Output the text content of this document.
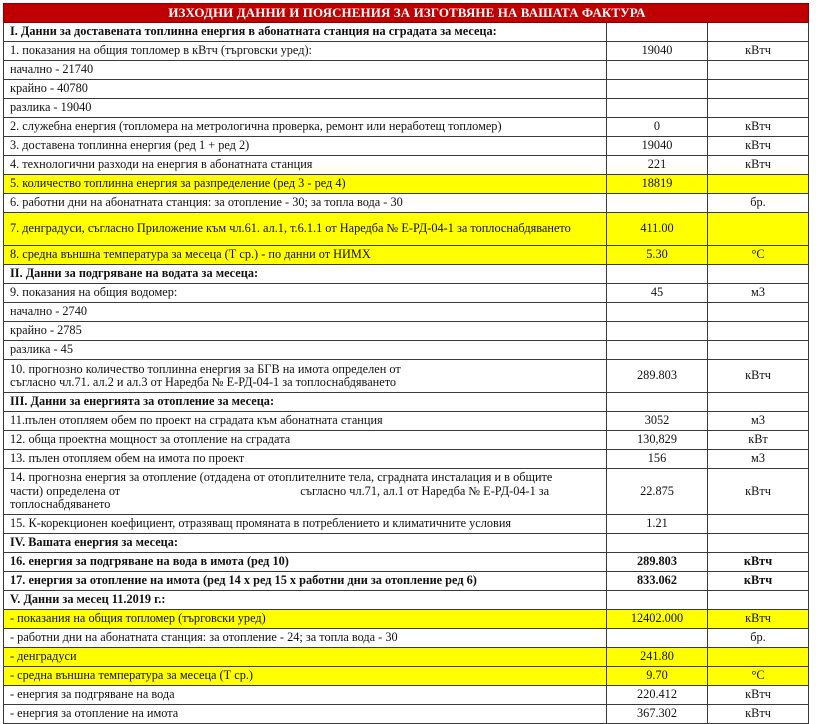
ИЗХОДНИ ДАННИ И ПОЯСНЕНИЯ ЗА ИЗГОТВЯНЕ НА ВАШАТА ФАКТУРА		
I. Данни за доставената топлинна енергия в абонатната станция на сградата за месеца:		
1. показания на общия топломер в кВтч (търговски уред):	19040	кВтч
начално - 21740		
крайно - 40780		
разлика - 19040		
2. служебна енергия (топломера на метрологична проверка, ремонт или неработещ топломер)	0	кВтч
3. доставена топлинна енергия (ред 1 + ред 2)	19040	кВтч
4. технологични разходи на енергия в абонатната станция	221	кВтч
5. количество топлинна енергия за разпределение (ред 3 - ред 4)	18819	
6. работни дни на абонатната станция: за отопление - 30; за топла вода - 30		бр.
7. денградуси, съгласно Приложение към чл.61. ал.1, т.6.1.1 от Наредба № Е-РД-04-1 за топлоснабдяването	411.00	
8. средна външна температура за месеца (Т ср.) - по данни от НИМХ	5.30	°C
II. Данни за подгряване на водата за месеца:		
9. показания на общия водомер:	45	м3
начално - 2740		
крайно - 2785		
разлика - 45		

10. прогнозно количество топлинна енергия за БГВ на имота определен от
съгласно чл.71. ал.2 и ал.3 от Наредба № Е-РД-04-1 за топлоснабдяването	289.803	кВтч
III. Данни за енергията за отопление за месеца:		
11.пълен отопляем обем по проект на сградата към абонатната станция	3052	м3
12. обща проектна мощност за отопление на сградата	130,829	кВт
13. пълен отопляем обем на имота по проект	156	м3

14. прогнозна енергия за отопление (отдадена от отоплителните тела, сградната инсталация и в общите
части) определена от съгласно чл.71, ал.1 от Наредба № Е-РД-04-1 за
топлоснабдяването	22.875	кВтч
15. К-корекционен коефициент, отразяващ промяната в потреблението и климатичните условия	1.21	
IV. Вашата енергия за месеца:		
16. енергия за подгряване на вода в имота (ред 10)	289.803	кВтч
17. енергия за отопление на имота (ред 14 х ред 15 х работни дни за отопление ред 6)	833.062	кВтч
V. Данни за месец 11.2019 г.:		
- показания на общия топломер (търговски уред)	12402.000	кВтч
- работни дни на абонатната станция: за отопление - 24; за топла вода - 30		бр.
- денградуси	241.80	
- средна външна температура за месеца (Т ср.)	9.70	°C
- енергия за подгряване на вода	220.412	кВтч
- енергия за отопление на имота	367.302	кВтч
